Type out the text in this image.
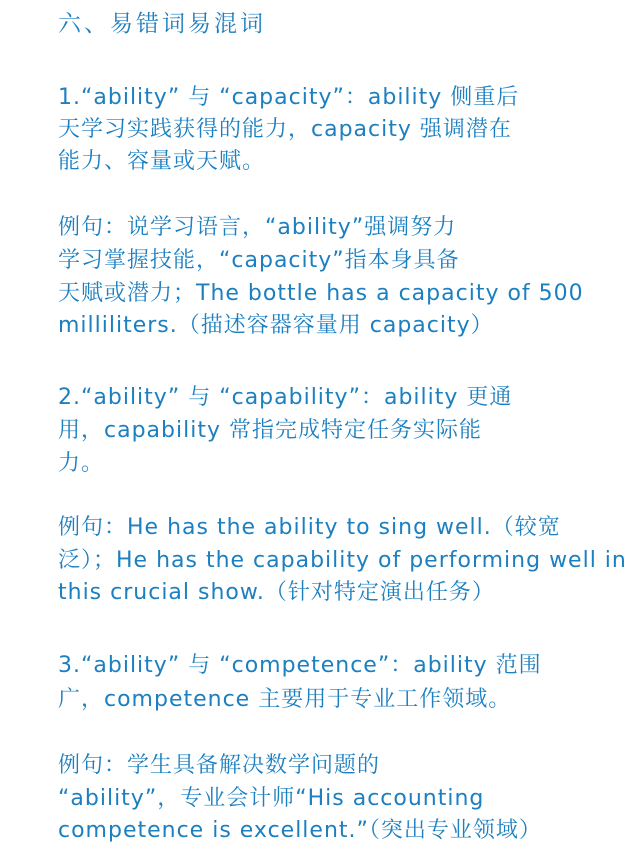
六、易错词易混词
1.“ability” 与 “capacity”：ability 侧重后
天学习实践获得的能力，capacity 强调潜在
能力、容量或天赋。
例句：说学习语言，“ability”强调努力
学习掌握技能，“capacity”指本身具备
天赋或潜力；The bottle has a capacity of 500
milliliters.（描述容器容量用 capacity）
2.“ability” 与 “capability”：ability 更通
用，capability 常指完成特定任务实际能
力。
例句：He has the ability to sing well.（较宽
泛）；He has the capability of performing well in
this crucial show.（针对特定演出任务）
3.“ability” 与 “competence”：ability 范围
广，competence 主要用于专业工作领域。
例句：学生具备解决数学问题的
“ability”，专业会计师“His accounting
competence is excellent.”（突出专业领域）
